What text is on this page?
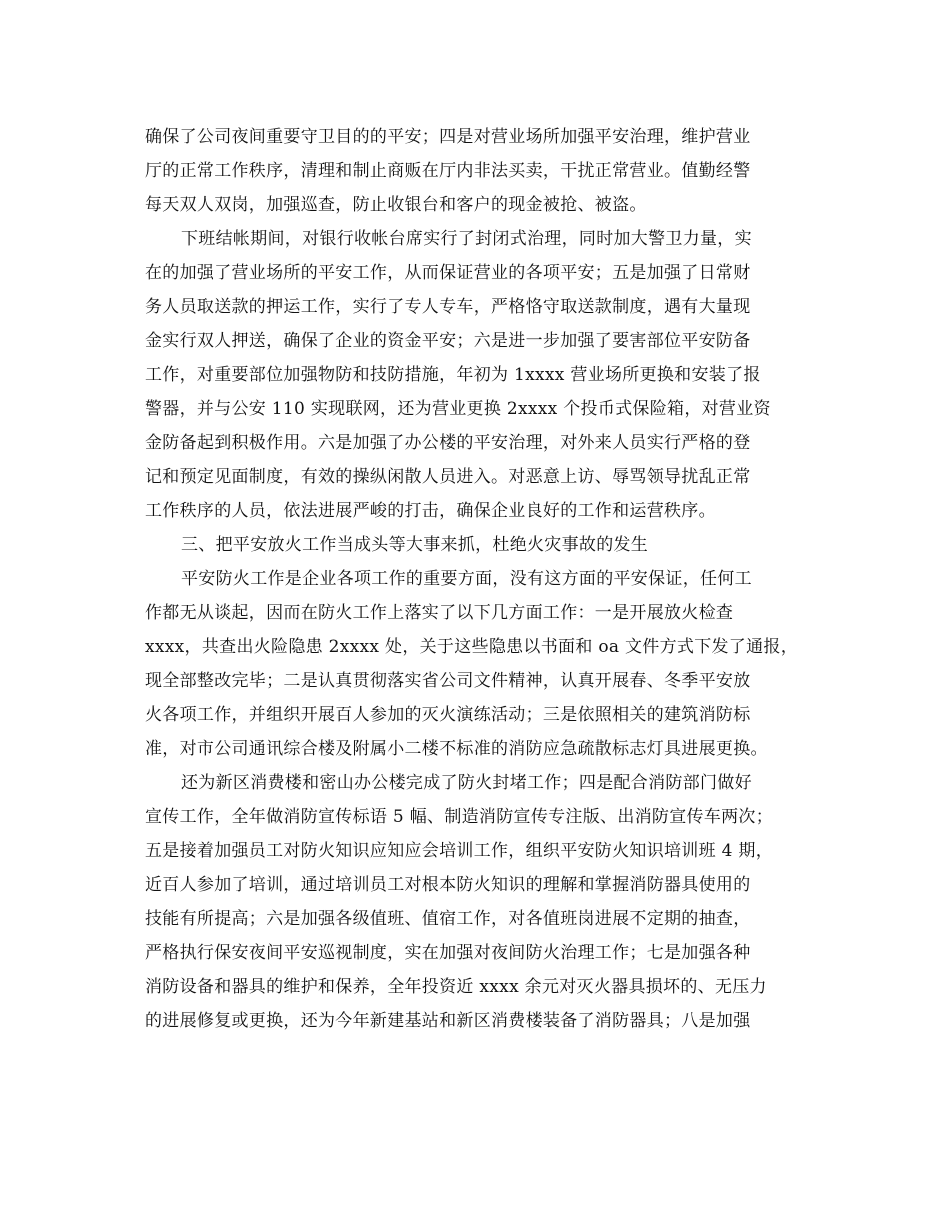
确保了公司夜间重要守卫目的的平安；四是对营业场所加强平安治理，维护营业
厅的正常工作秩序，清理和制止商贩在厅内非法买卖，干扰正常营业。值勤经警
每天双人双岗，加强巡查，防止收银台和客户的现金被抢、被盗。
下班结帐期间，对银行收帐台席实行了封闭式治理，同时加大警卫力量，实
在的加强了营业场所的平安工作，从而保证营业的各项平安；五是加强了日常财
务人员取送款的押运工作，实行了专人专车，严格恪守取送款制度，遇有大量现
金实行双人押送，确保了企业的资金平安；六是进一步加强了要害部位平安防备
工作，对重要部位加强物防和技防措施，年初为 1xxxx 营业场所更换和安装了报
警器，并与公安 110 实现联网，还为营业更换 2xxxx 个投币式保险箱，对营业资
金防备起到积极作用。六是加强了办公楼的平安治理，对外来人员实行严格的登
记和预定见面制度，有效的操纵闲散人员进入。对恶意上访、辱骂领导扰乱正常
工作秩序的人员，依法进展严峻的打击，确保企业良好的工作和运营秩序。
三、把平安放火工作当成头等大事来抓，杜绝火灾事故的发生
平安防火工作是企业各项工作的重要方面，没有这方面的平安保证，任何工
作都无从谈起，因而在防火工作上落实了以下几方面工作：一是开展放火检查
xxxx，共查出火险隐患 2xxxx 处，关于这些隐患以书面和 oa 文件方式下发了通报，
现全部整改完毕；二是认真贯彻落实省公司文件精神，认真开展春、冬季平安放
火各项工作，并组织开展百人参加的灭火演练活动；三是依照相关的建筑消防标
准，对市公司通讯综合楼及附属小二楼不标准的消防应急疏散标志灯具进展更换。
还为新区消费楼和密山办公楼完成了防火封堵工作；四是配合消防部门做好
宣传工作，全年做消防宣传标语 5 幅、制造消防宣传专注版、出消防宣传车两次；
五是接着加强员工对防火知识应知应会培训工作，组织平安防火知识培训班 4 期，
近百人参加了培训，通过培训员工对根本防火知识的理解和掌握消防器具使用的
技能有所提高；六是加强各级值班、值宿工作，对各值班岗进展不定期的抽查，
严格执行保安夜间平安巡视制度，实在加强对夜间防火治理工作；七是加强各种
消防设备和器具的维护和保养，全年投资近 xxxx 余元对灭火器具损坏的、无压力
的进展修复或更换，还为今年新建基站和新区消费楼装备了消防器具；八是加强
